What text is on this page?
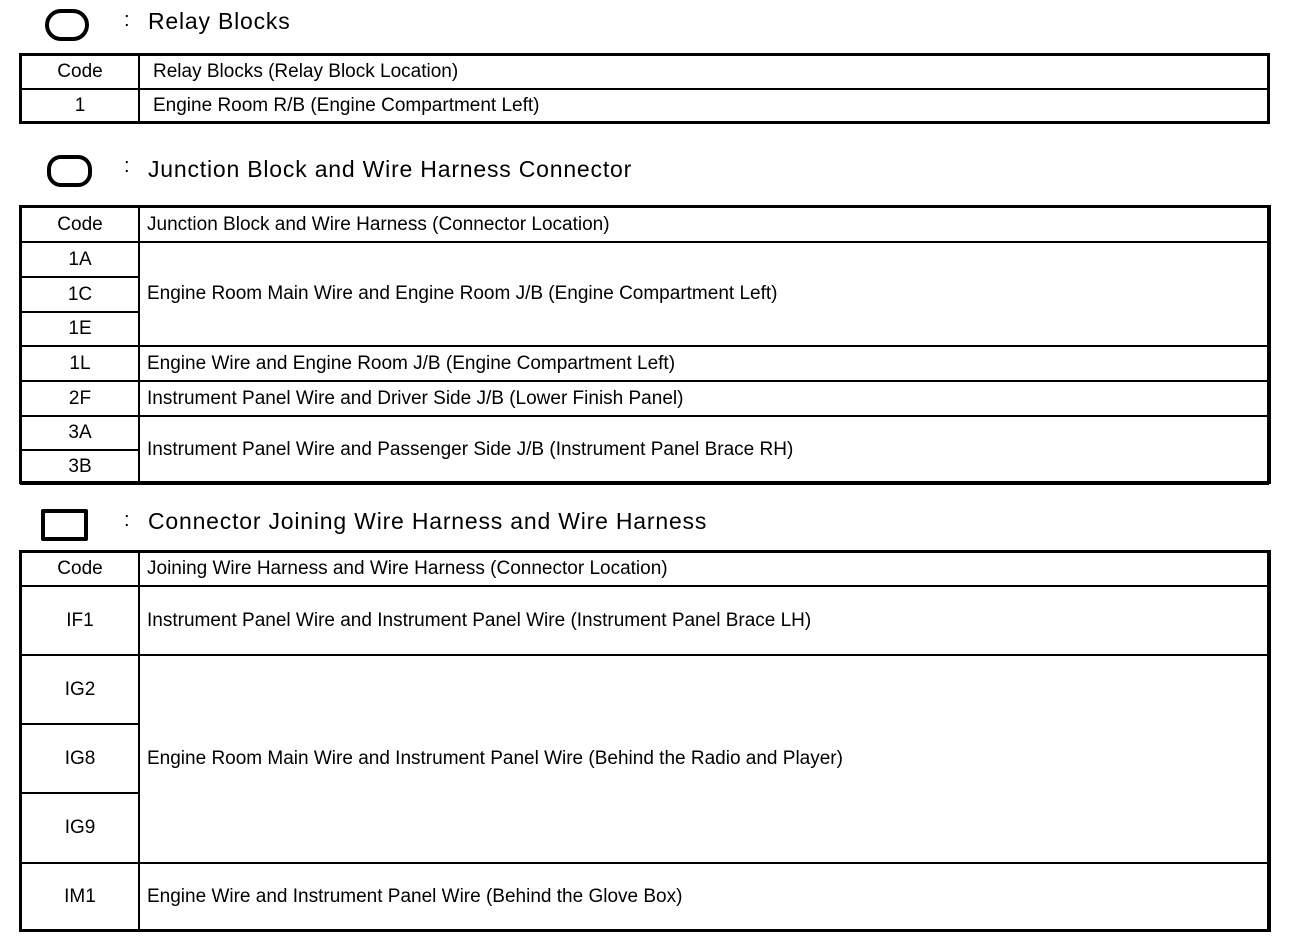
: Relay Blocks
Code	Relay Blocks (Relay Block Location)
1	Engine Room R/B (Engine Compartment Left)
: Junction Block and Wire Harness Connector
Code	Junction Block and Wire Harness (Connector Location)
1A	Engine Room Main Wire and Engine Room J/B (Engine Compartment Left)
1C	
1E	
1L	Engine Wire and Engine Room J/B (Engine Compartment Left)
2F	Instrument Panel Wire and Driver Side J/B (Lower Finish Panel)
3A	Instrument Panel Wire and Passenger Side J/B (Instrument Panel Brace RH)
3B	
: Connector Joining Wire Harness and Wire Harness
Code	Joining Wire Harness and Wire Harness (Connector Location)
IF1	Instrument Panel Wire and Instrument Panel Wire (Instrument Panel Brace LH)
IG2	Engine Room Main Wire and Instrument Panel Wire (Behind the Radio and Player)
IG8	
IG9	
IM1	Engine Wire and Instrument Panel Wire (Behind the Glove Box)
